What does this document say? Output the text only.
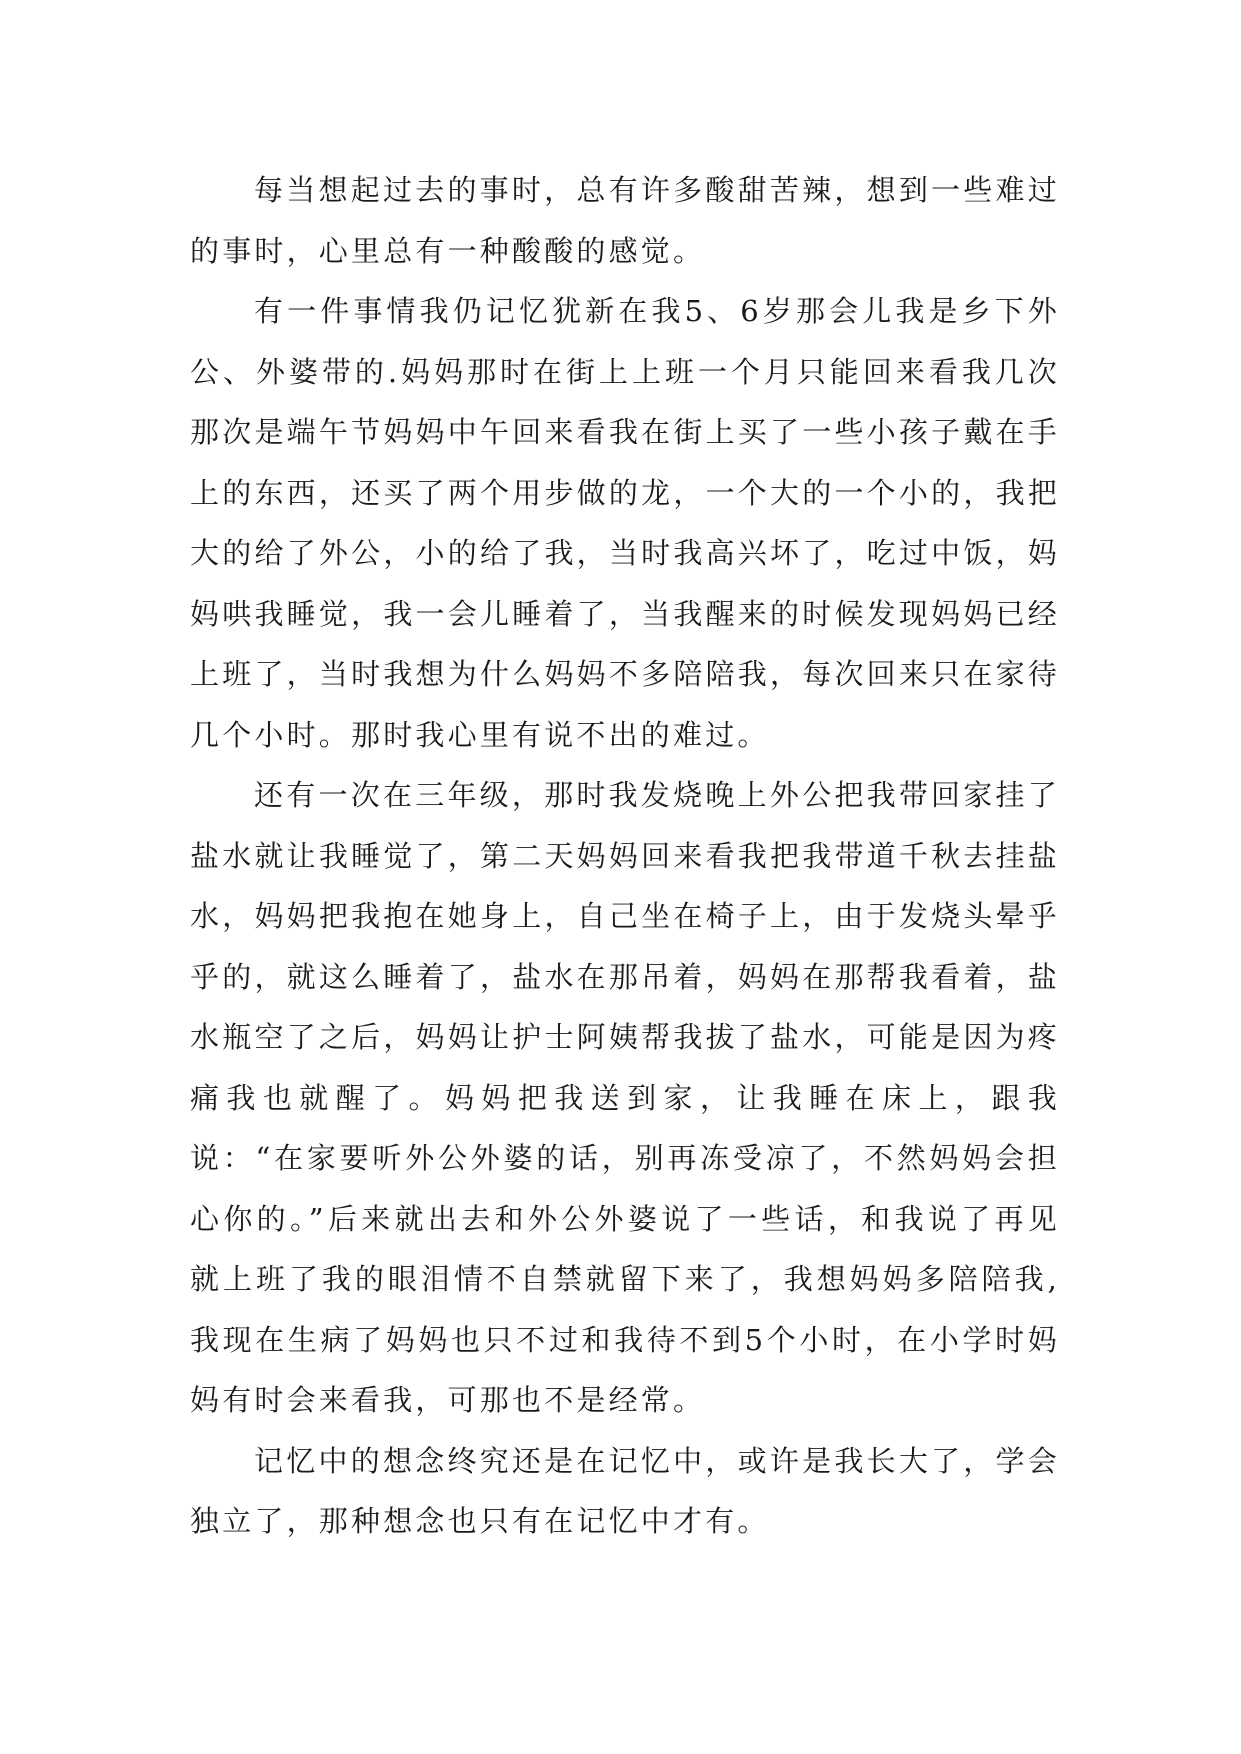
每当想起过去的事时，总有许多酸甜苦辣，想到一些难过的事时，心里总有一种酸酸的感觉。

有一件事情我仍记忆犹新在我5、6岁那会儿我是乡下外公、外婆带的.妈妈那时在街上上班一个月只能回来看我几次那次是端午节妈妈中午回来看我在街上买了一些小孩子戴在手上的东西，还买了两个用步做的龙，一个大的一个小的，我把大的给了外公，小的给了我，当时我高兴坏了，吃过中饭，妈妈哄我睡觉，我一会儿睡着了，当我醒来的时候发现妈妈已经上班了，当时我想为什么妈妈不多陪陪我，每次回来只在家待几个小时。那时我心里有说不出的难过。

还有一次在三年级，那时我发烧晚上外公把我带回家挂了盐水就让我睡觉了，第二天妈妈回来看我把我带道千秋去挂盐水，妈妈把我抱在她身上，自己坐在椅子上，由于发烧头晕乎乎的，就这么睡着了，盐水在那吊着，妈妈在那帮我看着，盐水瓶空了之后，妈妈让护士阿姨帮我拔了盐水，可能是因为疼痛我也就醒了。妈妈把我送到家，让我睡在床上，跟我说：“在家要听外公外婆的话，别再冻受凉了，不然妈妈会担心你的。”后来就出去和外公外婆说了一些话，和我说了再见就上班了我的眼泪情不自禁就留下来了，我想妈妈多陪陪我,我现在生病了妈妈也只不过和我待不到5个小时，在小学时妈妈有时会来看我，可那也不是经常。

记忆中的想念终究还是在记忆中，或许是我长大了，学会独立了，那种想念也只有在记忆中才有。
